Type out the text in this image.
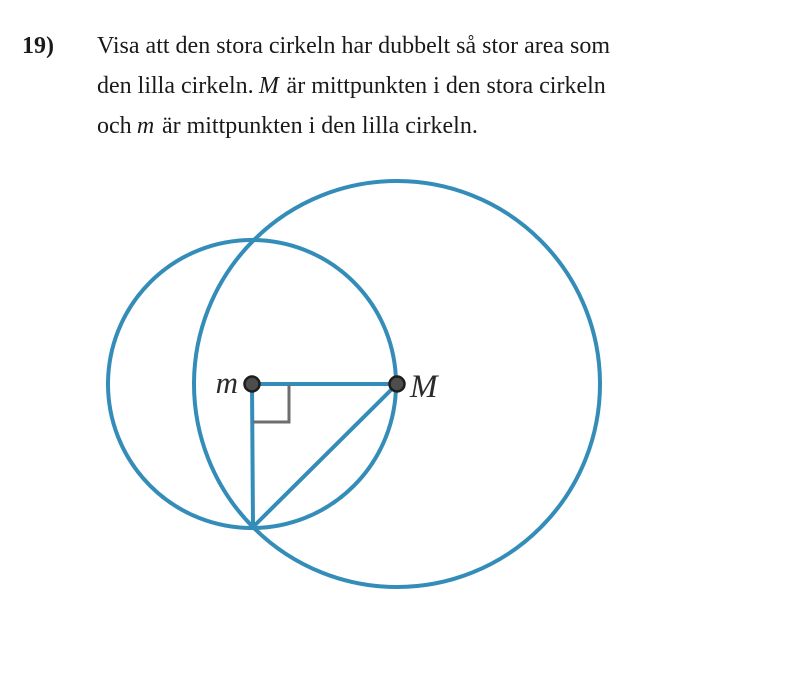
m	M
19)	Visa att den stora cirkeln har dubbelt så stor area som
den lilla cirkeln. M är mittpunkten i den stora cirkeln
och m är mittpunkten i den lilla cirkeln.
